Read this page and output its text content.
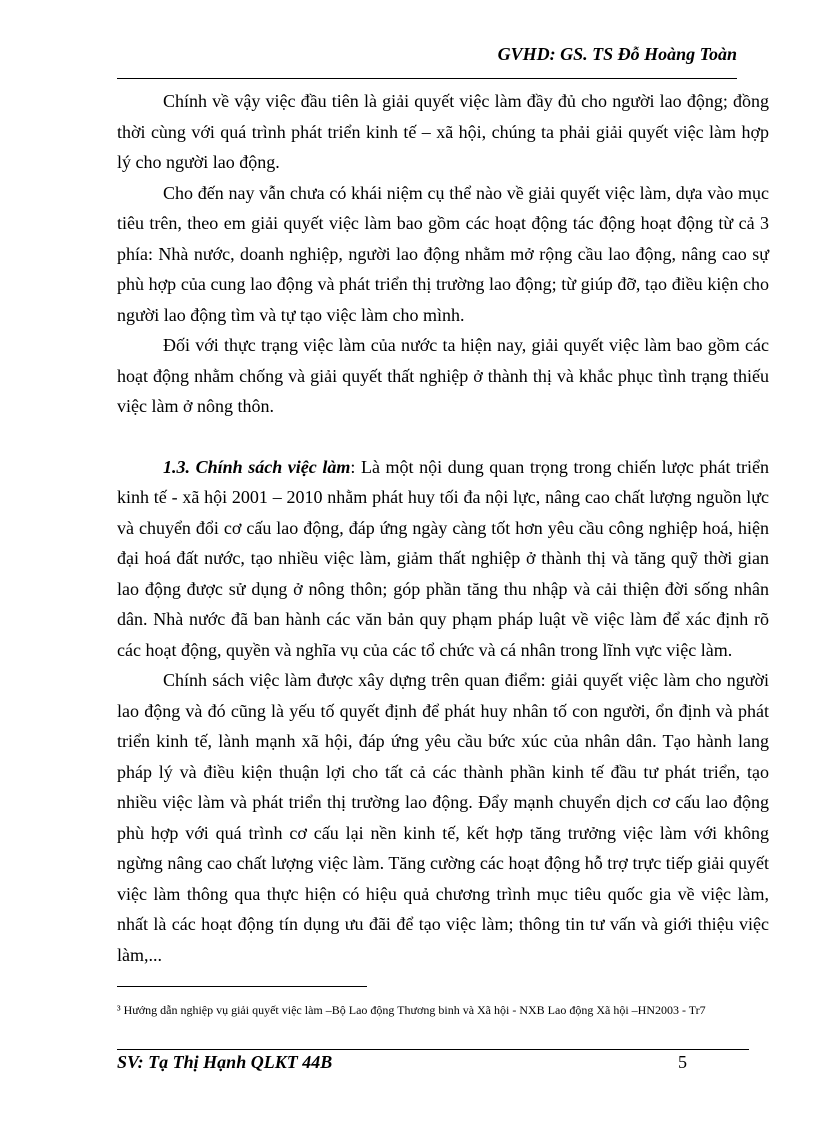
GVHD: GS. TS Đỗ Hoàng Toàn

Chính về vậy việc đầu tiên là giải quyết việc làm đầy đủ cho người lao động; đồng thời cùng với quá trình phát triển kinh tế – xã hội, chúng ta phải giải quyết việc làm hợp lý cho người lao động.

Cho đến nay vẫn chưa có khái niệm cụ thể nào về giải quyết việc làm, dựa vào mục tiêu trên, theo em giải quyết việc làm bao gồm các hoạt động tác động hoạt động từ cả 3 phía: Nhà nước, doanh nghiệp, người lao động nhằm mở rộng cầu lao động, nâng cao sự phù hợp của cung lao động và phát triển thị trường lao động; từ giúp đỡ, tạo điều kiện cho người lao động tìm và tự tạo việc làm cho mình.

Đối với thực trạng việc làm của nước ta hiện nay, giải quyết việc làm bao gồm các hoạt động nhằm chống và giải quyết thất nghiệp ở thành thị và khắc phục tình trạng thiếu việc làm ở nông thôn.

1.3. Chính sách việc làm: Là một nội dung quan trọng trong chiến lược phát triển kinh tế - xã hội 2001 – 2010 nhằm phát huy tối đa nội lực, nâng cao chất lượng nguồn lực và chuyển đổi cơ cấu lao động, đáp ứng ngày càng tốt hơn yêu cầu công nghiệp hoá, hiện đại hoá đất nước, tạo nhiều việc làm, giảm thất nghiệp ở thành thị và tăng quỹ thời gian lao động được sử dụng ở nông thôn; góp phần tăng thu nhập và cải thiện đời sống nhân dân. Nhà nước đã ban hành các văn bản quy phạm pháp luật về việc làm để xác định rõ các hoạt động, quyền và nghĩa vụ của các tổ chức và cá nhân trong lĩnh vực việc làm.

Chính sách việc làm được xây dựng trên quan điểm: giải quyết việc làm cho người lao động và đó cũng là yếu tố quyết định để phát huy nhân tố con người, ổn định và phát triển kinh tế, lành mạnh xã hội, đáp ứng yêu cầu bức xúc của nhân dân. Tạo hành lang pháp lý và điều kiện thuận lợi cho tất cả các thành phần kinh tế đầu tư phát triển, tạo nhiều việc làm và phát triển thị trường lao động. Đẩy mạnh chuyển dịch cơ cấu lao động phù hợp với quá trình cơ cấu lại nền kinh tế, kết hợp tăng trưởng việc làm với không ngừng nâng cao chất lượng việc làm. Tăng cường các hoạt động hỗ trợ trực tiếp giải quyết việc làm thông qua thực hiện có hiệu quả chương trình mục tiêu quốc gia về việc làm, nhất là các hoạt động tín dụng ưu đãi để tạo việc làm; thông tin tư vấn và giới thiệu việc làm,...

³ Hướng dẫn nghiệp vụ giải quyết việc làm –Bộ Lao động Thương binh và Xã hội - NXB Lao động Xã hội –HN2003 - Tr7
SV: Tạ Thị Hạnh QLKT 44B	5
